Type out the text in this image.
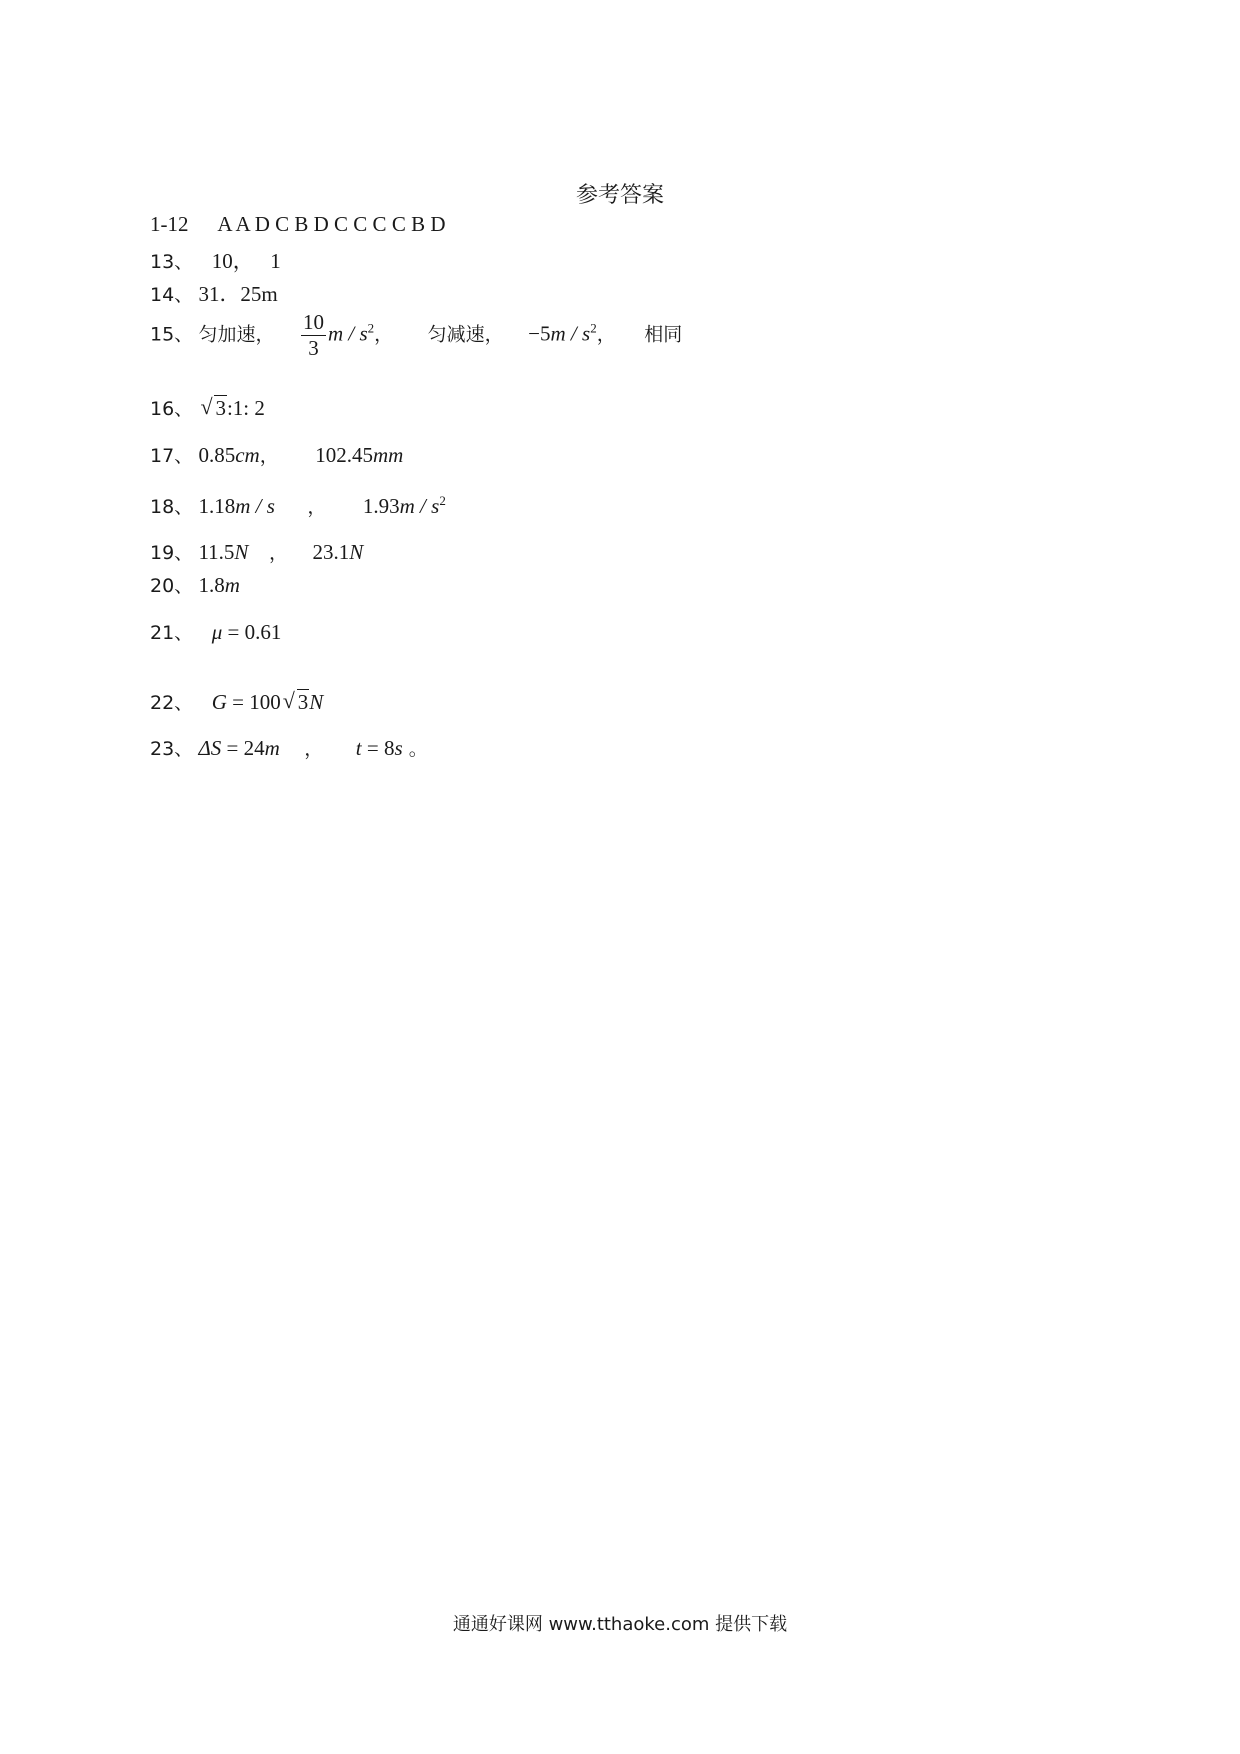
参考答案
1-12 A A D C B D C C C C B D
13、 10， 1
14、 31．25m
15、 匀加速， $\frac{10}{3}$ m / $s^2$， 匀减速， $-5m / s^2$， 相同
16、 √ 3:1: 2
17、 0.85cm， 102.45mm
18、 1.18m / s ， $1.93m / s^2$
19、 11.5N ， 23.1N
20、 1.8m
21、 μ = 0.61
22、 G = 100 √ 3N
23、 ΔS = 24m ， t = 8s 。
通通好课网 www.tthaoke.com 提供下载
